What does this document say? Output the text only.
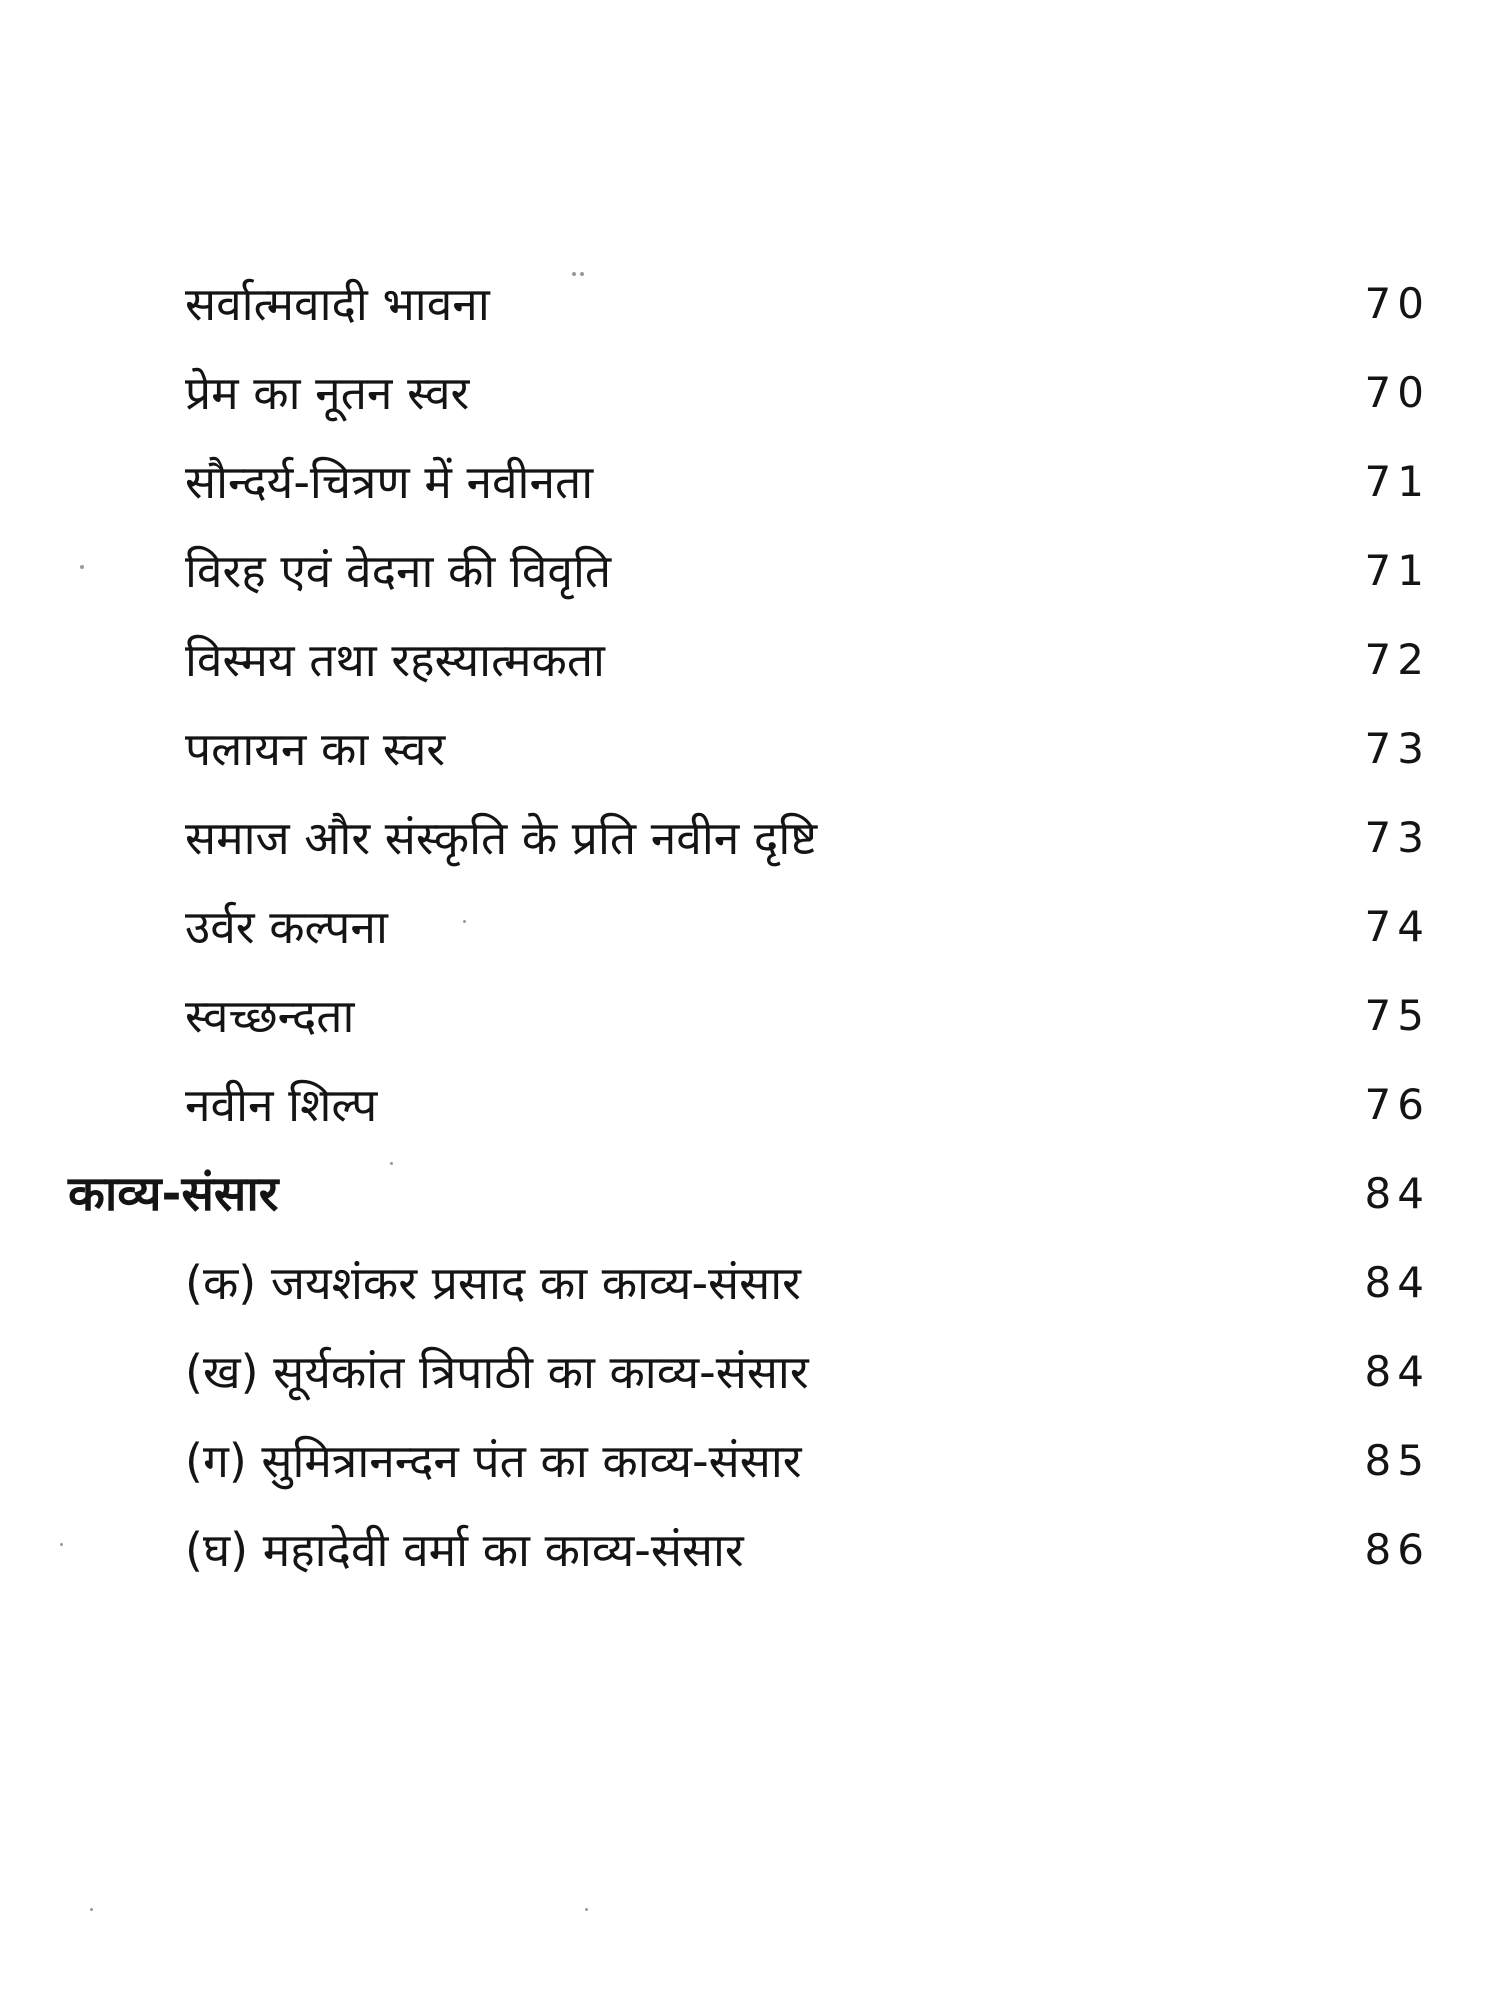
सर्वात्मवादी भावना	70
प्रेम का नूतन स्वर	70
सौन्दर्य-चित्रण में नवीनता	71
विरह एवं वेदना की विवृति	71
विस्मय तथा रहस्यात्मकता	72
पलायन का स्वर	73
समाज और संस्कृति के प्रति नवीन दृष्टि	73
उर्वर कल्पना	74
स्वच्छन्दता	75
नवीन शिल्प	76
काव्य-संसार	84
(क) जयशंकर प्रसाद का काव्य-संसार	84
(ख) सूर्यकांत त्रिपाठी का काव्य-संसार	84
(ग) सुमित्रानन्दन पंत का काव्य-संसार	85
(घ) महादेवी वर्मा का काव्य-संसार	86
